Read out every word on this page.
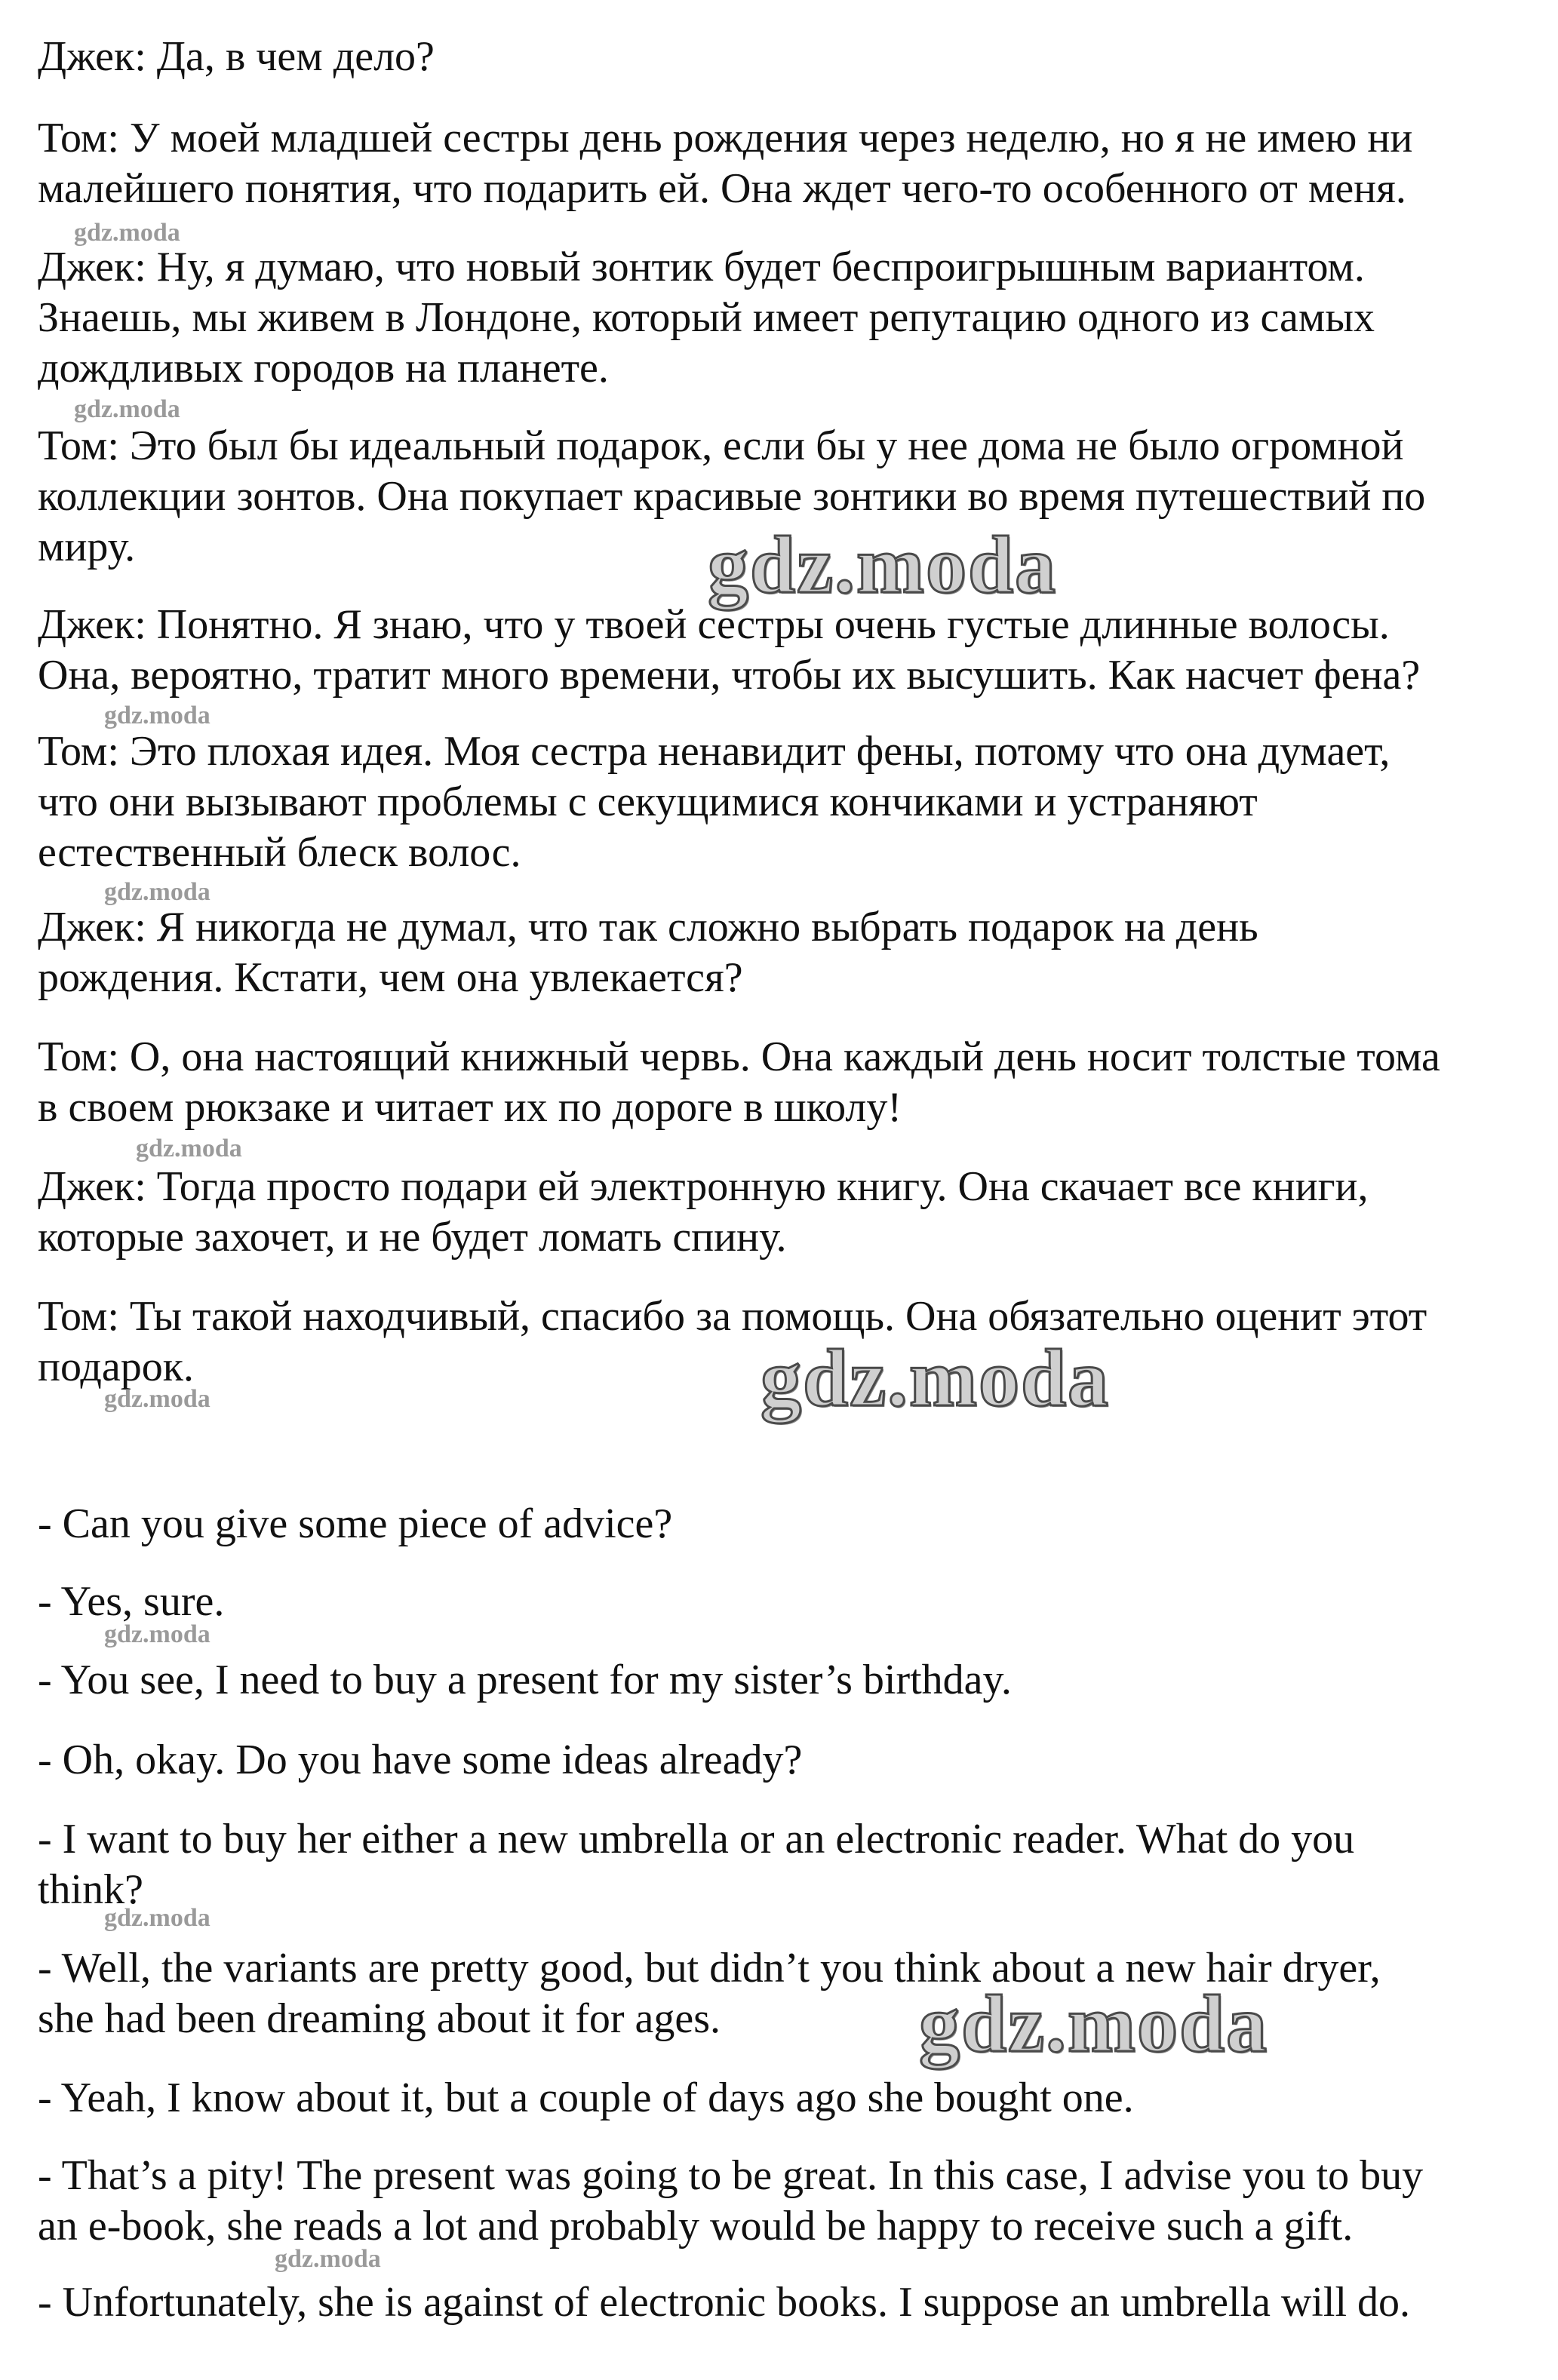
Джек: Да, в чем дело?
Том: У моей младшей сестры день рождения через неделю, но я не имею ни
малейшего понятия, что подарить ей. Она ждет чего-то особенного от меня.
Джек: Ну, я думаю, что новый зонтик будет беспроигрышным вариантом.
Знаешь, мы живем в Лондоне, который имеет репутацию одного из самых
дождливых городов на планете.
Том: Это был бы идеальный подарок, если бы у нее дома не было огромной
коллекции зонтов. Она покупает красивые зонтики во время путешествий по
миру.
Джек: Понятно. Я знаю, что у твоей сестры очень густые длинные волосы.
Она, вероятно, тратит много времени, чтобы их высушить. Как насчет фена?
Том: Это плохая идея. Моя сестра ненавидит фены, потому что она думает,
что они вызывают проблемы с секущимися кончиками и устраняют
естественный блеск волос.
Джек: Я никогда не думал, что так сложно выбрать подарок на день
рождения. Кстати, чем она увлекается?
Том: О, она настоящий книжный червь. Она каждый день носит толстые тома
в своем рюкзаке и читает их по дороге в школу!
Джек: Тогда просто подари ей электронную книгу. Она скачает все книги,
которые захочет, и не будет ломать спину.
Том: Ты такой находчивый, спасибо за помощь. Она обязательно оценит этот
подарок.
- Can you give some piece of advice?
- Yes, sure.
- You see, I need to buy a present for my sister’s birthday.
- Oh, okay. Do you have some ideas already?
- I want to buy her either a new umbrella or an electronic reader. What do you
think?
- Well, the variants are pretty good, but didn’t you think about a new hair dryer,
she had been dreaming about it for ages.
- Yeah, I know about it, but a couple of days ago she bought one.
- That’s a pity! The present was going to be great. In this case, I advise you to buy
an e-book, she reads a lot and probably would be happy to receive such a gift.
- Unfortunately, she is against of electronic books. I suppose an umbrella will do.
gdz.moda
gdz.moda
gdz.moda
gdz.moda
gdz.moda
gdz.moda
gdz.moda
gdz.moda
gdz.moda
gdz.moda
gdz.moda
gdz.moda
